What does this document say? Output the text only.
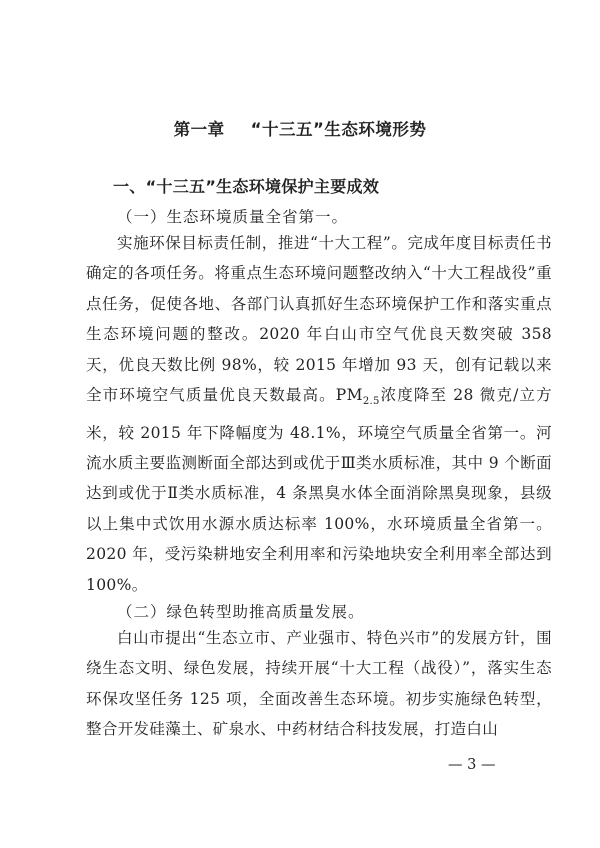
第一章 “十三五”生态环境形势
一、“十三五”生态环境保护主要成效
（一）生态环境质量全省第一。

实施环保目标责任制，推进“十大工程”。完成年度目标责任书确定的各项任务。将重点生态环境问题整改纳入“十大工程战役”重点任务，促使各地、各部门认真抓好生态环境保护工作和落实重点生态环境问题的整改。2020 年白山市空气优良天数突破 358 天，优良天数比例 98%，较 2015 年增加 93 天，创有记载以来全市环境空气质量优良天数最高。$PM_{2.5}$浓度降至 28 微克/立方米，较 2015 年下降幅度为 48.1%，环境空气质量全省第一。河流水质主要监测断面全部达到或优于Ⅲ类水质标准，其中 9 个断面达到或优于Ⅱ类水质标准，4 条黑臭水体全面消除黑臭现象，县级以上集中式饮用水源水质达标率 100%，水环境质量全省第一。2020 年，受污染耕地安全利用率和污染地块安全利用率全部达到 100%。

（二）绿色转型助推高质量发展。

白山市提出“生态立市、产业强市、特色兴市”的发展方针，围绕生态文明、绿色发展，持续开展“十大工程（战役）”，落实生态环保攻坚任务 125 项，全面改善生态环境。初步实施绿色转型，整合开发硅藻土、矿泉水、中药材结合科技发展，打造白山

— 3 —
